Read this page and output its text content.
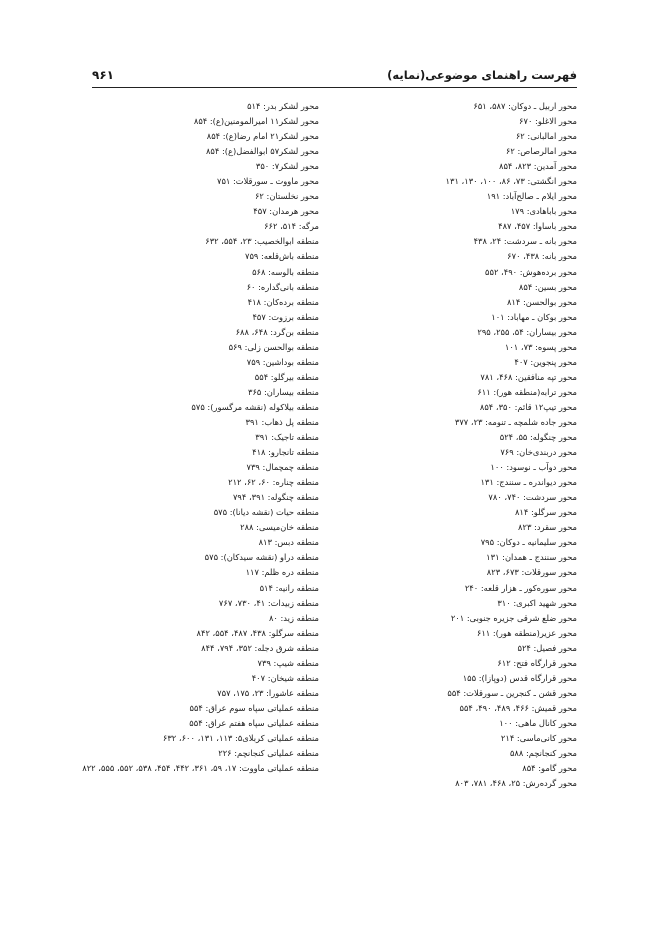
فهرست راهنمای موضوعی(نمایه)
۹۶۱
محور اربیل ـ دوکان: ۵۸۷، ۶۵۱
محور الاغلو: ۶۷۰
محور امالبانی: ۶۲
محور امالرصاص: ۶۲
محور آمدین: ۸۲۳، ۸۵۴
محور انگشتی: ۷۳، ۸۶، ۱۰۰، ۱۳۰، ۱۳۱
محور ایلام ـ صالح‌آباد: ۱۹۱
محور باباهادی: ۱۷۹
محور باساوا: ۴۵۷، ۴۸۷
محور بانه ـ سردشت: ۲۴، ۴۳۸
محور بانه: ۴۳۸، ۶۷۰
محور برده‌هوش: ۴۹۰، ۵۵۲
محور بسین: ۸۵۴
محور بوالحسن: ۸۱۴
محور بوکان ـ مهاباد: ۱۰۱
محور بیساران: ۵۴، ۲۵۵، ۲۹۵
محور پسوه: ۷۳، ۱۰۱
محور پنجوین: ۴۰۷
محور تپه منافقین: ۴۶۸، ۷۸۱
محور ترابه(منطقه هور): ۶۱۱
محور تیپ۱۲ قائم: ۳۵۰، ۸۵۴
محور جاده شلمچه ـ تنومه: ۲۳، ۳۷۷
محور چنگوله: ۵۵، ۵۲۴
محور دربندی‌خان: ۷۶۹
محور دوآب ـ نوسود: ۱۰۰
محور دیواندره ـ سنندج: ۱۳۱
محور سردشت: ۷۴۰، ۷۸۰
محور سرگلو: ۸۱۴
محور سقرد: ۸۲۳
محور سلیمانیه ـ دوکان: ۷۹۵
محور سنندج ـ همدان: ۱۳۱
محور سورقلات: ۶۷۳، ۸۲۳
محور سوره‌کور ـ هزار قلعه: ۲۴۰
محور شهید اکبری: ۳۱۰
محور ضلع شرقی جزیره جنوبی: ۲۰۱
محور عزیر(منطقه هور): ۶۱۱
محور فصیل: ۵۲۴
محور قرارگاه فتح: ۶۱۲
محور قرارگاه قدس (دوپازا): ۱۵۵
محور قشن ـ کنجرین ـ سورقلات: ۵۵۴
محور قمیش: ۴۶۶، ۴۸۹، ۴۹۰، ۵۵۴
محور کانال ماهی: ۱۰۰
محور کانی‌ماسی: ۲۱۴
محور کنجانچم: ۵۸۸
محور گامو: ۸۵۴
محور گرده‌رش: ۲۵، ۴۶۸، ۷۸۱، ۸۰۳
محور لشکر بدر: ۵۱۴
محور لشکر۱۱ امیرالمومنین(ع): ۸۵۴
محور لشکر۲۱ امام رضا(ع): ۸۵۴
محور لشکر۵۷ ابوالفضل(ع): ۸۵۴
محور لشکر۷: ۳۵۰
محور ماووت ـ سورقلات: ۷۵۱
محور نخلستان: ۶۲
محور هرمدان: ۴۵۷
مرگه: ۵۱۴، ۶۶۲
منطقه ابوالخصیب: ۲۳، ۵۵۴، ۶۳۲
منطقه باش‌قلعه: ۷۵۹
منطقه بالوسه: ۵۶۸
منطقه بانی‌گداره: ۶۰
منطقه برده‌کان: ۴۱۸
منطقه برزوت: ۴۵۷
منطقه بن‌گرد: ۶۴۸، ۶۸۸
منطقه بوالحسن زلی: ۵۶۹
منطقه بوداشین: ۷۵۹
منطقه بیرگلو: ۵۵۴
منطقه بیساران: ۳۶۵
منطقه بیلاکوله (نقشه مرگسور): ۵۷۵
منطقه پل ذهاب: ۳۹۱
منطقه تاجیک: ۳۹۱
منطقه تانجارو: ۴۱۸
منطقه چمچمال: ۷۳۹
منطقه چناره: ۶۰، ۶۲، ۲۱۲
منطقه چنگوله: ۳۹۱، ۷۹۴
منطقه حیات (نقشه دیانا): ۵۷۵
منطقه خان‌میسی: ۲۸۸
منطقه دبس: ۸۱۳
منطقه دراو (نقشه سیدکان): ۵۷۵
منطقه دره ظلم: ۱۱۷
منطقه رانیه: ۵۱۴
منطقه زبیدات: ۴۱، ۷۳۰، ۷۶۷
منطقه زید: ۸۰
منطقه سرگلو: ۴۳۸، ۴۸۷، ۵۵۴، ۸۴۲
منطقه شرق دجله: ۳۵۲، ۷۹۴، ۸۴۴
منطقه شیپ: ۷۳۹
منطقه شیخان: ۴۰۷
منطقه عاشورا: ۲۳، ۱۷۵، ۷۵۷
منطقه عملیاتی سپاه سوم عراق: ۵۵۴
منطقه عملیاتی سپاه هفتم عراق: ۵۵۴
منطقه عملیاتی کربلای۵: ۱۱۳، ۱۳۱، ۶۰۰، ۶۳۲
منطقه عملیاتی کنجانچم: ۲۲۶
منطقه عملیاتی ماووت: ۱۷، ۵۹، ۳۶۱، ۴۴۲، ۴۵۴، ۵۳۸، ۵۵۲، ۵۵۵، ۸۲۲
